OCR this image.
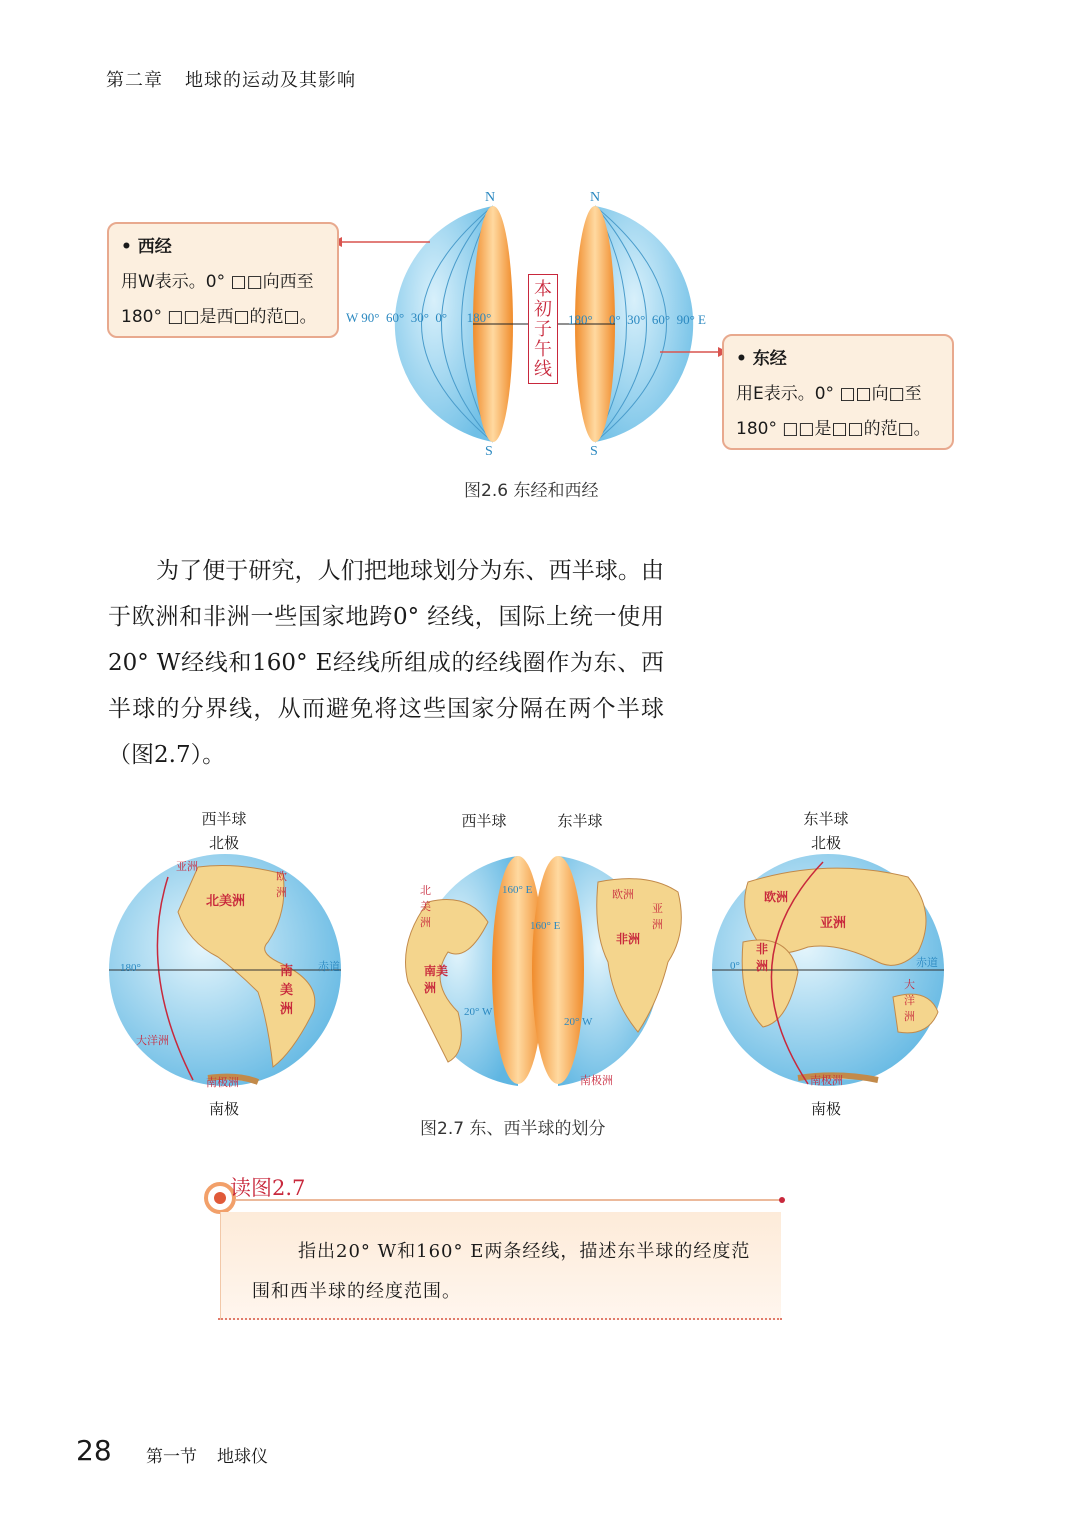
第二章 地球的运动及其影响
N	N
S	S
本初子午线
W 90° 60° 30° 0° 180°	180° 0° 30° 60° 90° E
• 西经
用W表示。0° □□向西至
180° □□是西□的范□。
• 东经
用E表示。0° □□向□至
180° □□是□□的范□。
图2.6 东经和西经
为了便于研究，人们把地球划分为东、西半球。由于欧洲和非洲一些国家地跨0° 经线，国际上统一使用20° W经线和160° E经线所组成的经线圈作为东、西半球的分界线，从而避免将这些国家分隔在两个半球（图2.7）。
西半球
北极
南极
西半球	东半球	东半球
北极
南极
180°	赤道
北美洲
南美洲
亚洲
欧洲
大洋洲
南极洲
160° E
160° E
20° W
20° W
北美洲
南美洲
欧洲
亚洲
非洲
南极洲
0°	赤道
欧洲
亚洲
非洲
大洋洲
南极洲
图2.7 东、西半球的划分
读图2.7
指出20° W和160° E两条经线，描述东半球的经度范围和西半球的经度范围。
28 第一节 地球仪
